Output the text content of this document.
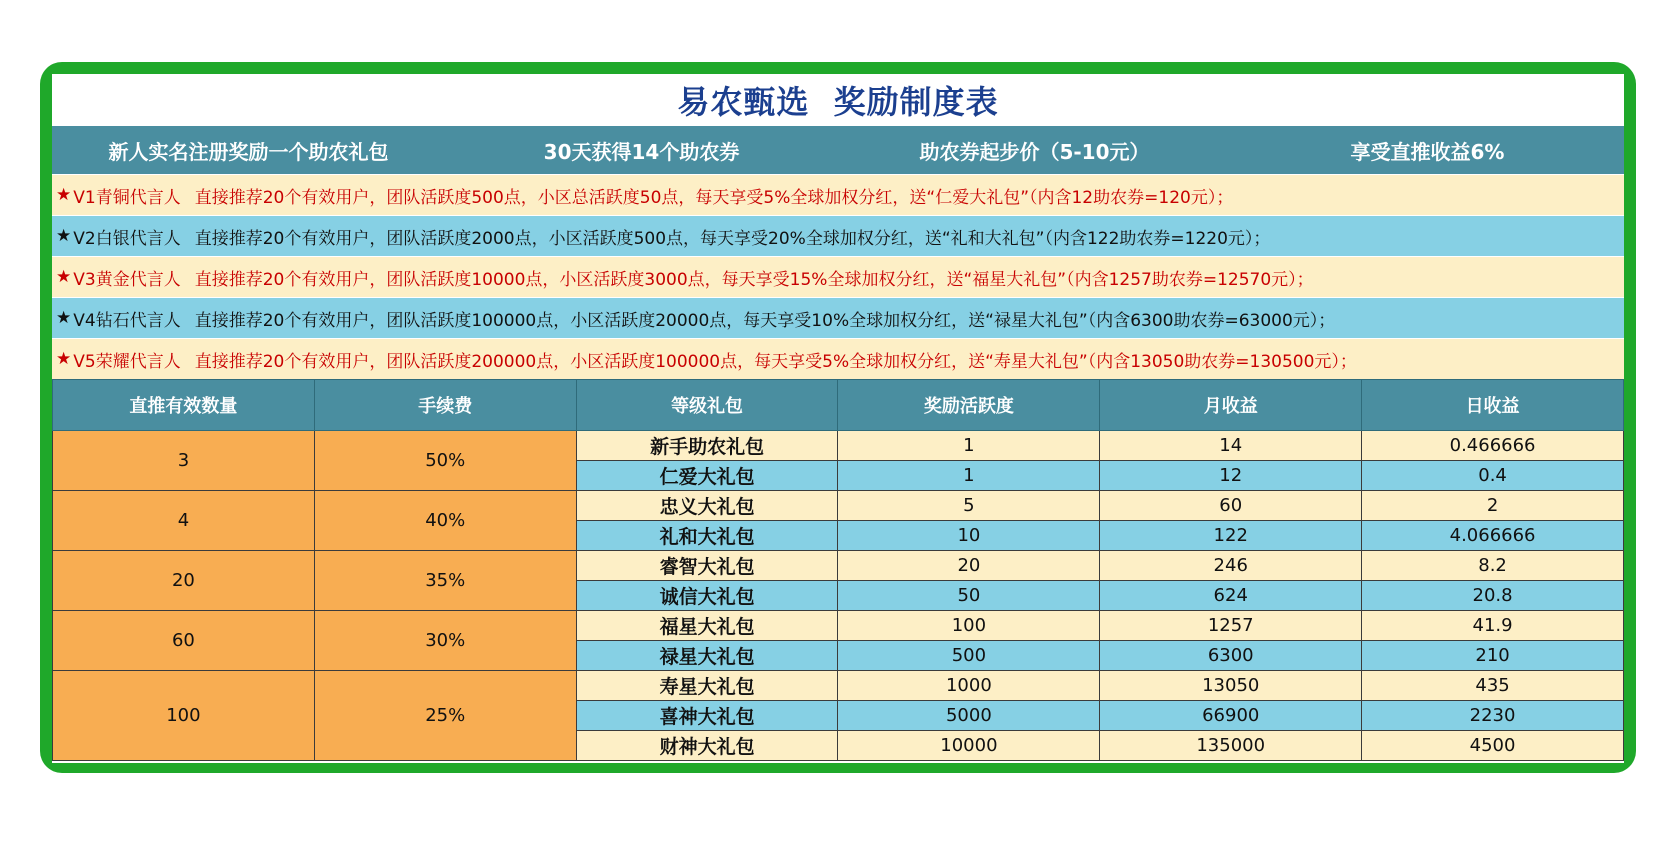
易农甄选  奖励制度表
新人实名注册奖励一个助农礼包	30天获得14个助农券	助农券起步价（5-10元）	享受直推收益6%
★ V1青铜代言人 直接推荐20个有效用户，团队活跃度500点，小区总活跃度50点，每天享受5%全球加权分红，送“仁爱大礼包”（内含12助农券=120元）；
★ V2白银代言人 直接推荐20个有效用户，团队活跃度2000点，小区活跃度500点，每天享受20%全球加权分红，送“礼和大礼包”（内含122助农券=1220元）；
★ V3黄金代言人 直接推荐20个有效用户，团队活跃度10000点，小区活跃度3000点，每天享受15%全球加权分红，送“福星大礼包”（内含1257助农券=12570元）；
★ V4钻石代言人 直接推荐20个有效用户，团队活跃度100000点，小区活跃度20000点，每天享受10%全球加权分红，送“禄星大礼包”（内含6300助农券=63000元）；
★ V5荣耀代言人 直接推荐20个有效用户，团队活跃度200000点，小区活跃度100000点，每天享受5%全球加权分红，送“寿星大礼包”（内含13050助农券=130500元）；
直推有效数量	手续费	等级礼包	奖励活跃度	月收益	日收益
3	50%	新手助农礼包	1	14	0.466666
		仁爱大礼包	1	12	0.4
4	40%	忠义大礼包	5	60	2
		礼和大礼包	10	122	4.066666
20	35%	睿智大礼包	20	246	8.2
		诚信大礼包	50	624	20.8
60	30%	福星大礼包	100	1257	41.9
		禄星大礼包	500	6300	210
100	25%	寿星大礼包	1000	13050	435
		喜神大礼包	5000	66900	2230
		财神大礼包	10000	135000	4500
